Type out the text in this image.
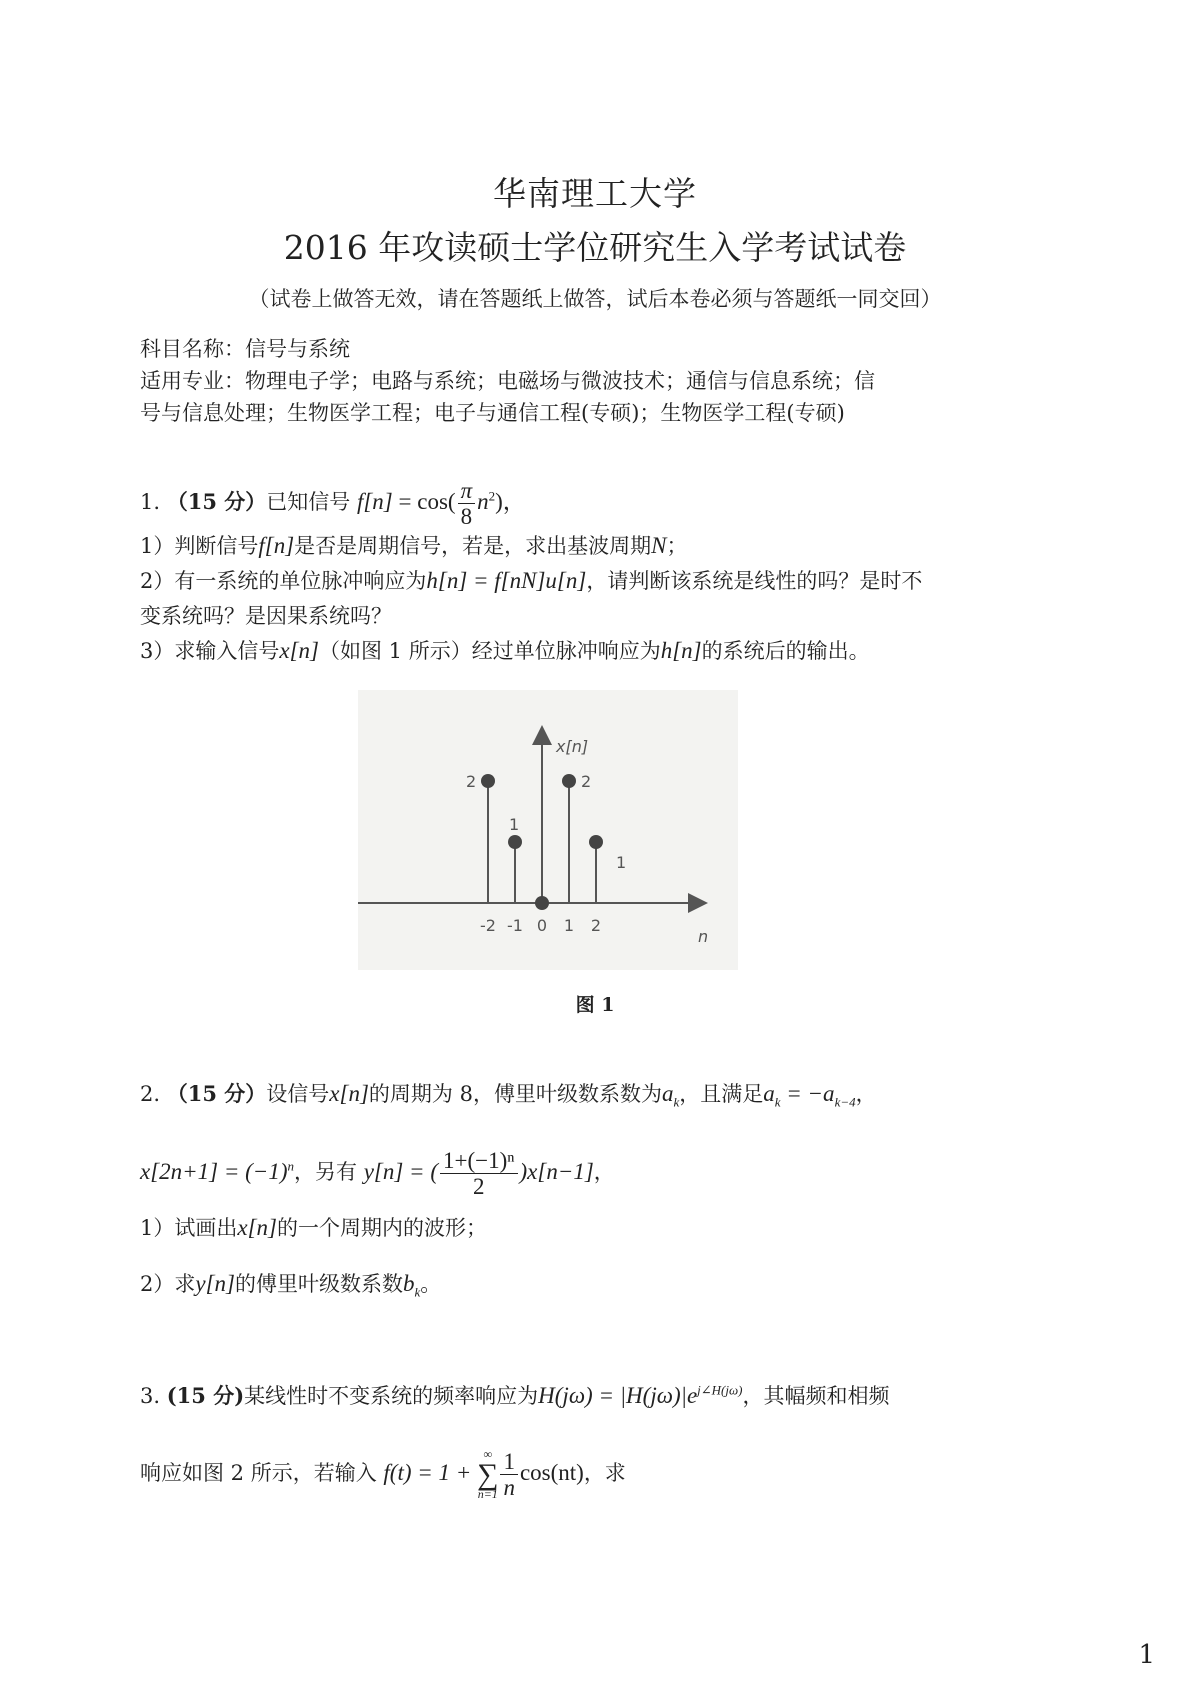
华南理工大学
2016 年攻读硕士学位研究生入学考试试卷
（试卷上做答无效，请在答题纸上做答，试后本卷必须与答题纸一同交回）
科目名称：信号与系统
适用专业：物理电子学；电路与系统；电磁场与微波技术；通信与信息系统；信
号与信息处理；生物医学工程；电子与通信工程(专硕)；生物医学工程(专硕)
1. （15 分）已知信号 $f[n] = \cos( \frac{\pi}{8} n^2)$，
1）判断信号f[n]是否是周期信号，若是，求出基波周期N；
2）有一系统的单位脉冲响应为h[n] = f[nN]u[n]，请判断该系统是线性的吗？是时不
变系统吗？是因果系统吗？
3）求输入信号x[n]（如图 1 所示）经过单位脉冲响应为h[n]的系统后的输出。
x[n]
n
-2
2
-1
1
0 1
2
2
1
图 1
2. （15 分）设信号x[n]的周期为 8，傅里叶级数系数为$a_k$，且满足$a_k = -a_{k-4}$，
$x[2n+1] = (-1)^n$，另有 y[n] = ( $\frac{\text{1+(−1)ⁿ}}{2} )x[n-1]$，
1）试画出x[n]的一个周期内的波形；
2）求y[n]的傅里叶级数系数$b_k$。
3. (15 分)某线性时不变系统的频率响应为$H(j\omega) = |H(j\omega)|e^{j\angle H(j\omega)}$，其幅频和相频
响应如图 2 所示，若输入 f(t) = 1 +
∞
∑
$n=1 \frac{1}{n} \cos(nt)$，求
1
